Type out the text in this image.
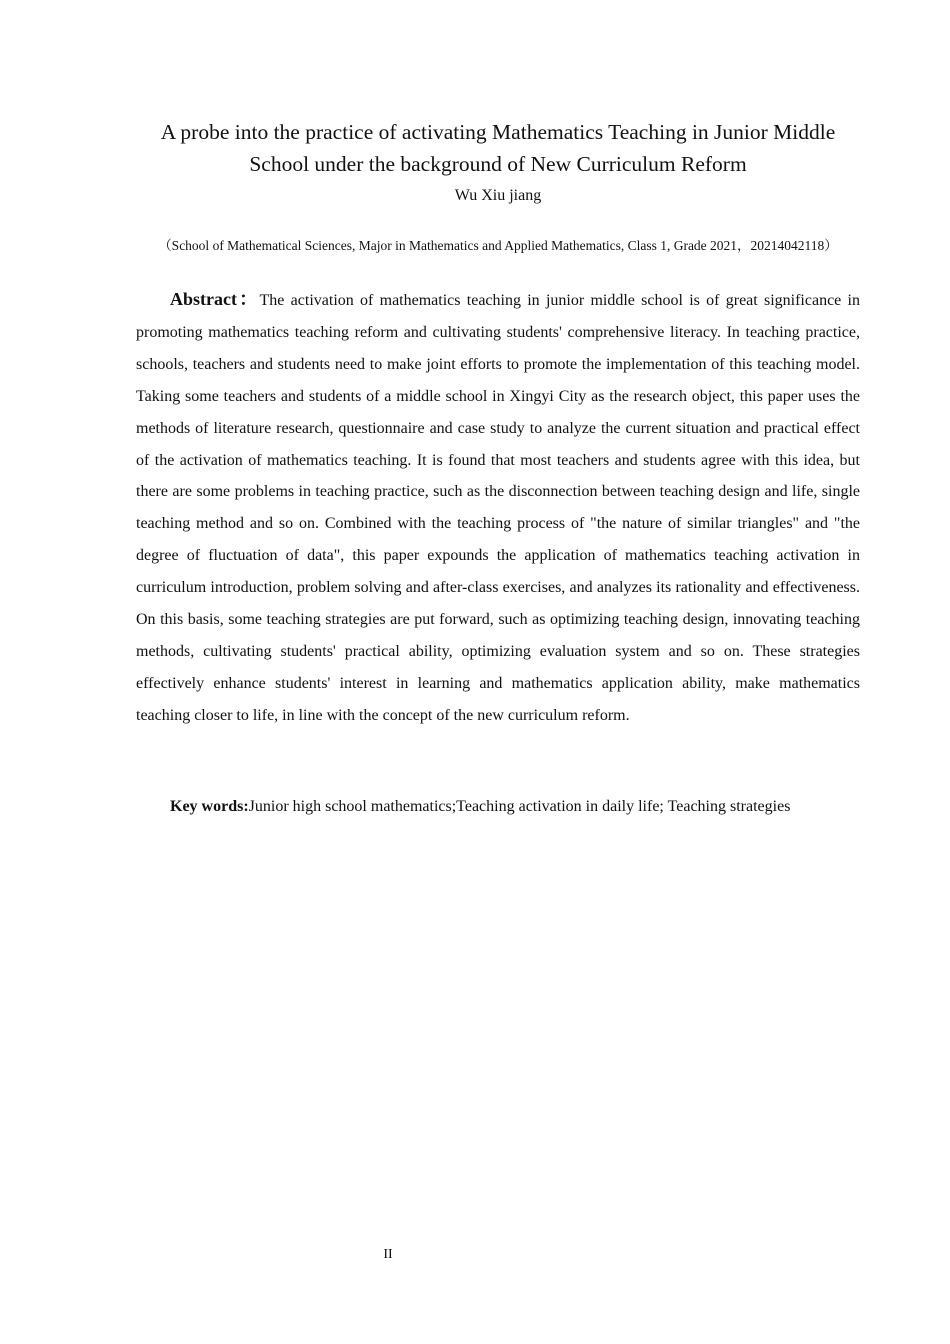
A probe into the practice of activating Mathematics Teaching in Junior Middle School under the background of New Curriculum Reform
Wu Xiu jiang
（School of Mathematical Sciences, Major in Mathematics and Applied Mathematics, Class 1, Grade 2021，20214042118）

Abstract：The activation of mathematics teaching in junior middle school is of great significance in promoting mathematics teaching reform and cultivating students' comprehensive literacy. In teaching practice, schools, teachers and students need to make joint efforts to promote the implementation of this teaching model. Taking some teachers and students of a middle school in Xingyi City as the research object, this paper uses the methods of literature research, questionnaire and case study to analyze the current situation and practical effect of the activation of mathematics teaching. It is found that most teachers and students agree with this idea, but there are some problems in teaching practice, such as the disconnection between teaching design and life, single teaching method and so on. Combined with the teaching process of "the nature of similar triangles" and "the degree of fluctuation of data", this paper expounds the application of mathematics teaching activation in curriculum introduction, problem solving and after-class exercises, and analyzes its rationality and effectiveness. On this basis, some teaching strategies are put forward, such as optimizing teaching design, innovating teaching methods, cultivating students' practical ability, optimizing evaluation system and so on. These strategies effectively enhance students' interest in learning and mathematics application ability, make mathematics teaching closer to life, in line with the concept of the new curriculum reform.

Key words:Junior high school mathematics;Teaching activation in daily life; Teaching strategies

II
